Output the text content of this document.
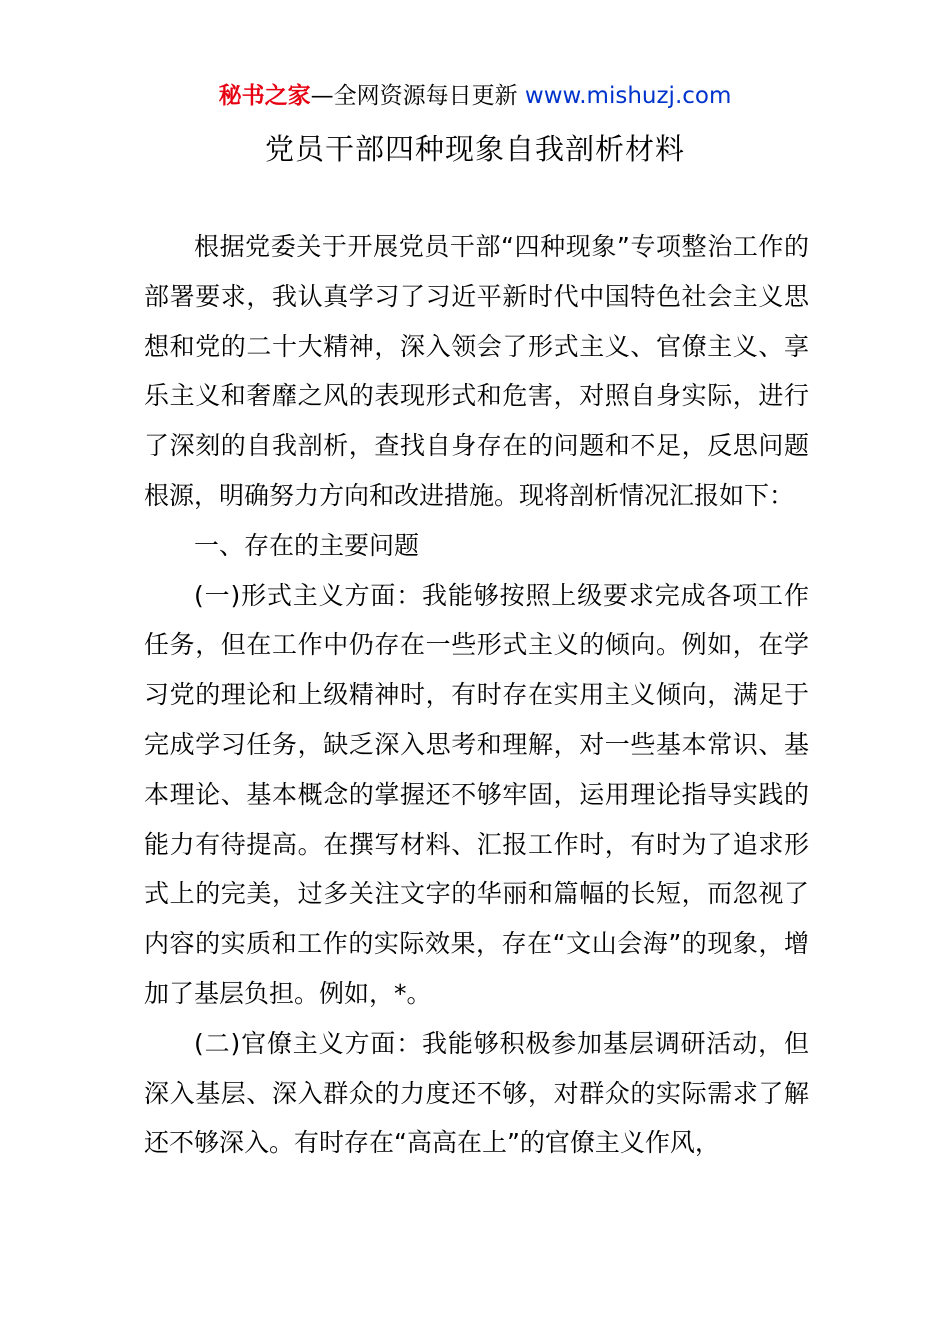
秘书之家—全网资源每日更新 www.mishuzj.com
党员干部四种现象自我剖析材料

根据党委关于开展党员干部“四种现象”专项整治工作的部署要求，我认真学习了习近平新时代中国特色社会主义思想和党的二十大精神，深入领会了形式主义、官僚主义、享乐主义和奢靡之风的表现形式和危害，对照自身实际，进行了深刻的自我剖析，查找自身存在的问题和不足，反思问题根源，明确努力方向和改进措施。现将剖析情况汇报如下：

一、存在的主要问题

(一)形式主义方面：我能够按照上级要求完成各项工作任务，但在工作中仍存在一些形式主义的倾向。例如，在学习党的理论和上级精神时，有时存在实用主义倾向，满足于完成学习任务，缺乏深入思考和理解，对一些基本常识、基本理论、基本概念的掌握还不够牢固，运用理论指导实践的能力有待提高。在撰写材料、汇报工作时，有时为了追求形式上的完美，过多关注文字的华丽和篇幅的长短，而忽视了内容的实质和工作的实际效果，存在“文山会海”的现象，增加了基层负担。例如，*。

(二)官僚主义方面：我能够积极参加基层调研活动，但深入基层、深入群众的力度还不够，对群众的实际需求了解还不够深入。有时存在“高高在上”的官僚主义作风，
